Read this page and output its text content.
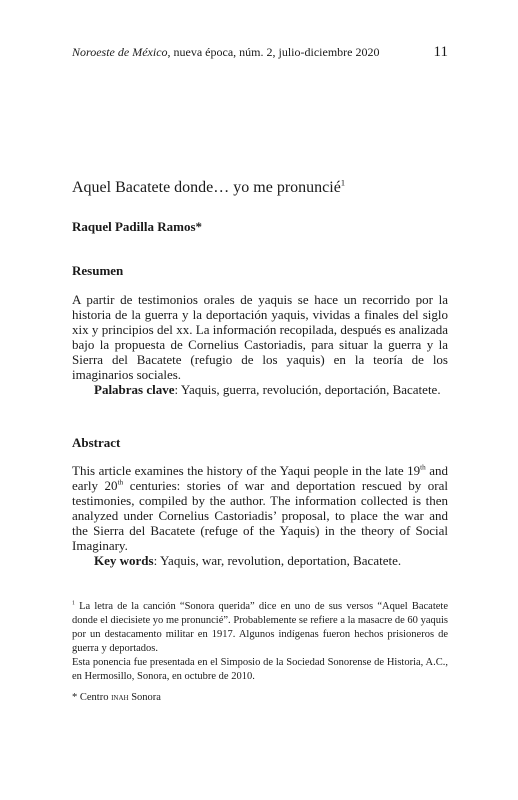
Noroeste de México, nueva época, núm. 2, julio-diciembre 2020	11
Aquel Bacatete donde… yo me pronuncié$^1$
Raquel Padilla Ramos*
Resumen
A partir de testimonios orales de yaquis se hace un recorrido por la historia de la guerra y la deportación yaquis, vividas a finales del siglo xix y principios del xx. La información recopilada, después es analizada bajo la propuesta de Cornelius Castoriadis, para situar la guerra y la Sierra del Bacatete (refugio de los yaquis) en la teoría de los imaginarios sociales.
Palabras clave: Yaquis, guerra, revolución, deportación, Bacatete.
Abstract
This article examines the history of the Yaqui people in the late 19th and early 20th centuries: stories of war and deportation rescued by oral testimonies, compiled by the author. The information collected is then analyzed under Cornelius Castoriadis’ proposal, to place the war and the Sierra del Bacatete (refuge of the Yaquis) in the theory of Social Imaginary.
Key words: Yaquis, war, revolution, deportation, Bacatete.

$^1$ La letra de la canción “Sonora querida” dice en uno de sus versos “Aquel Bacatete donde el diecisiete yo me pronuncié”. Probablemente se refiere a la masacre de 60 yaquis por un destacamento militar en 1917. Algunos indígenas fueron hechos prisioneros de guerra y deportados.

Esta ponencia fue presentada en el Simposio de la Sociedad Sonorense de Historia, A.C., en Hermosillo, Sonora, en octubre de 2010.

* Centro inah Sonora
